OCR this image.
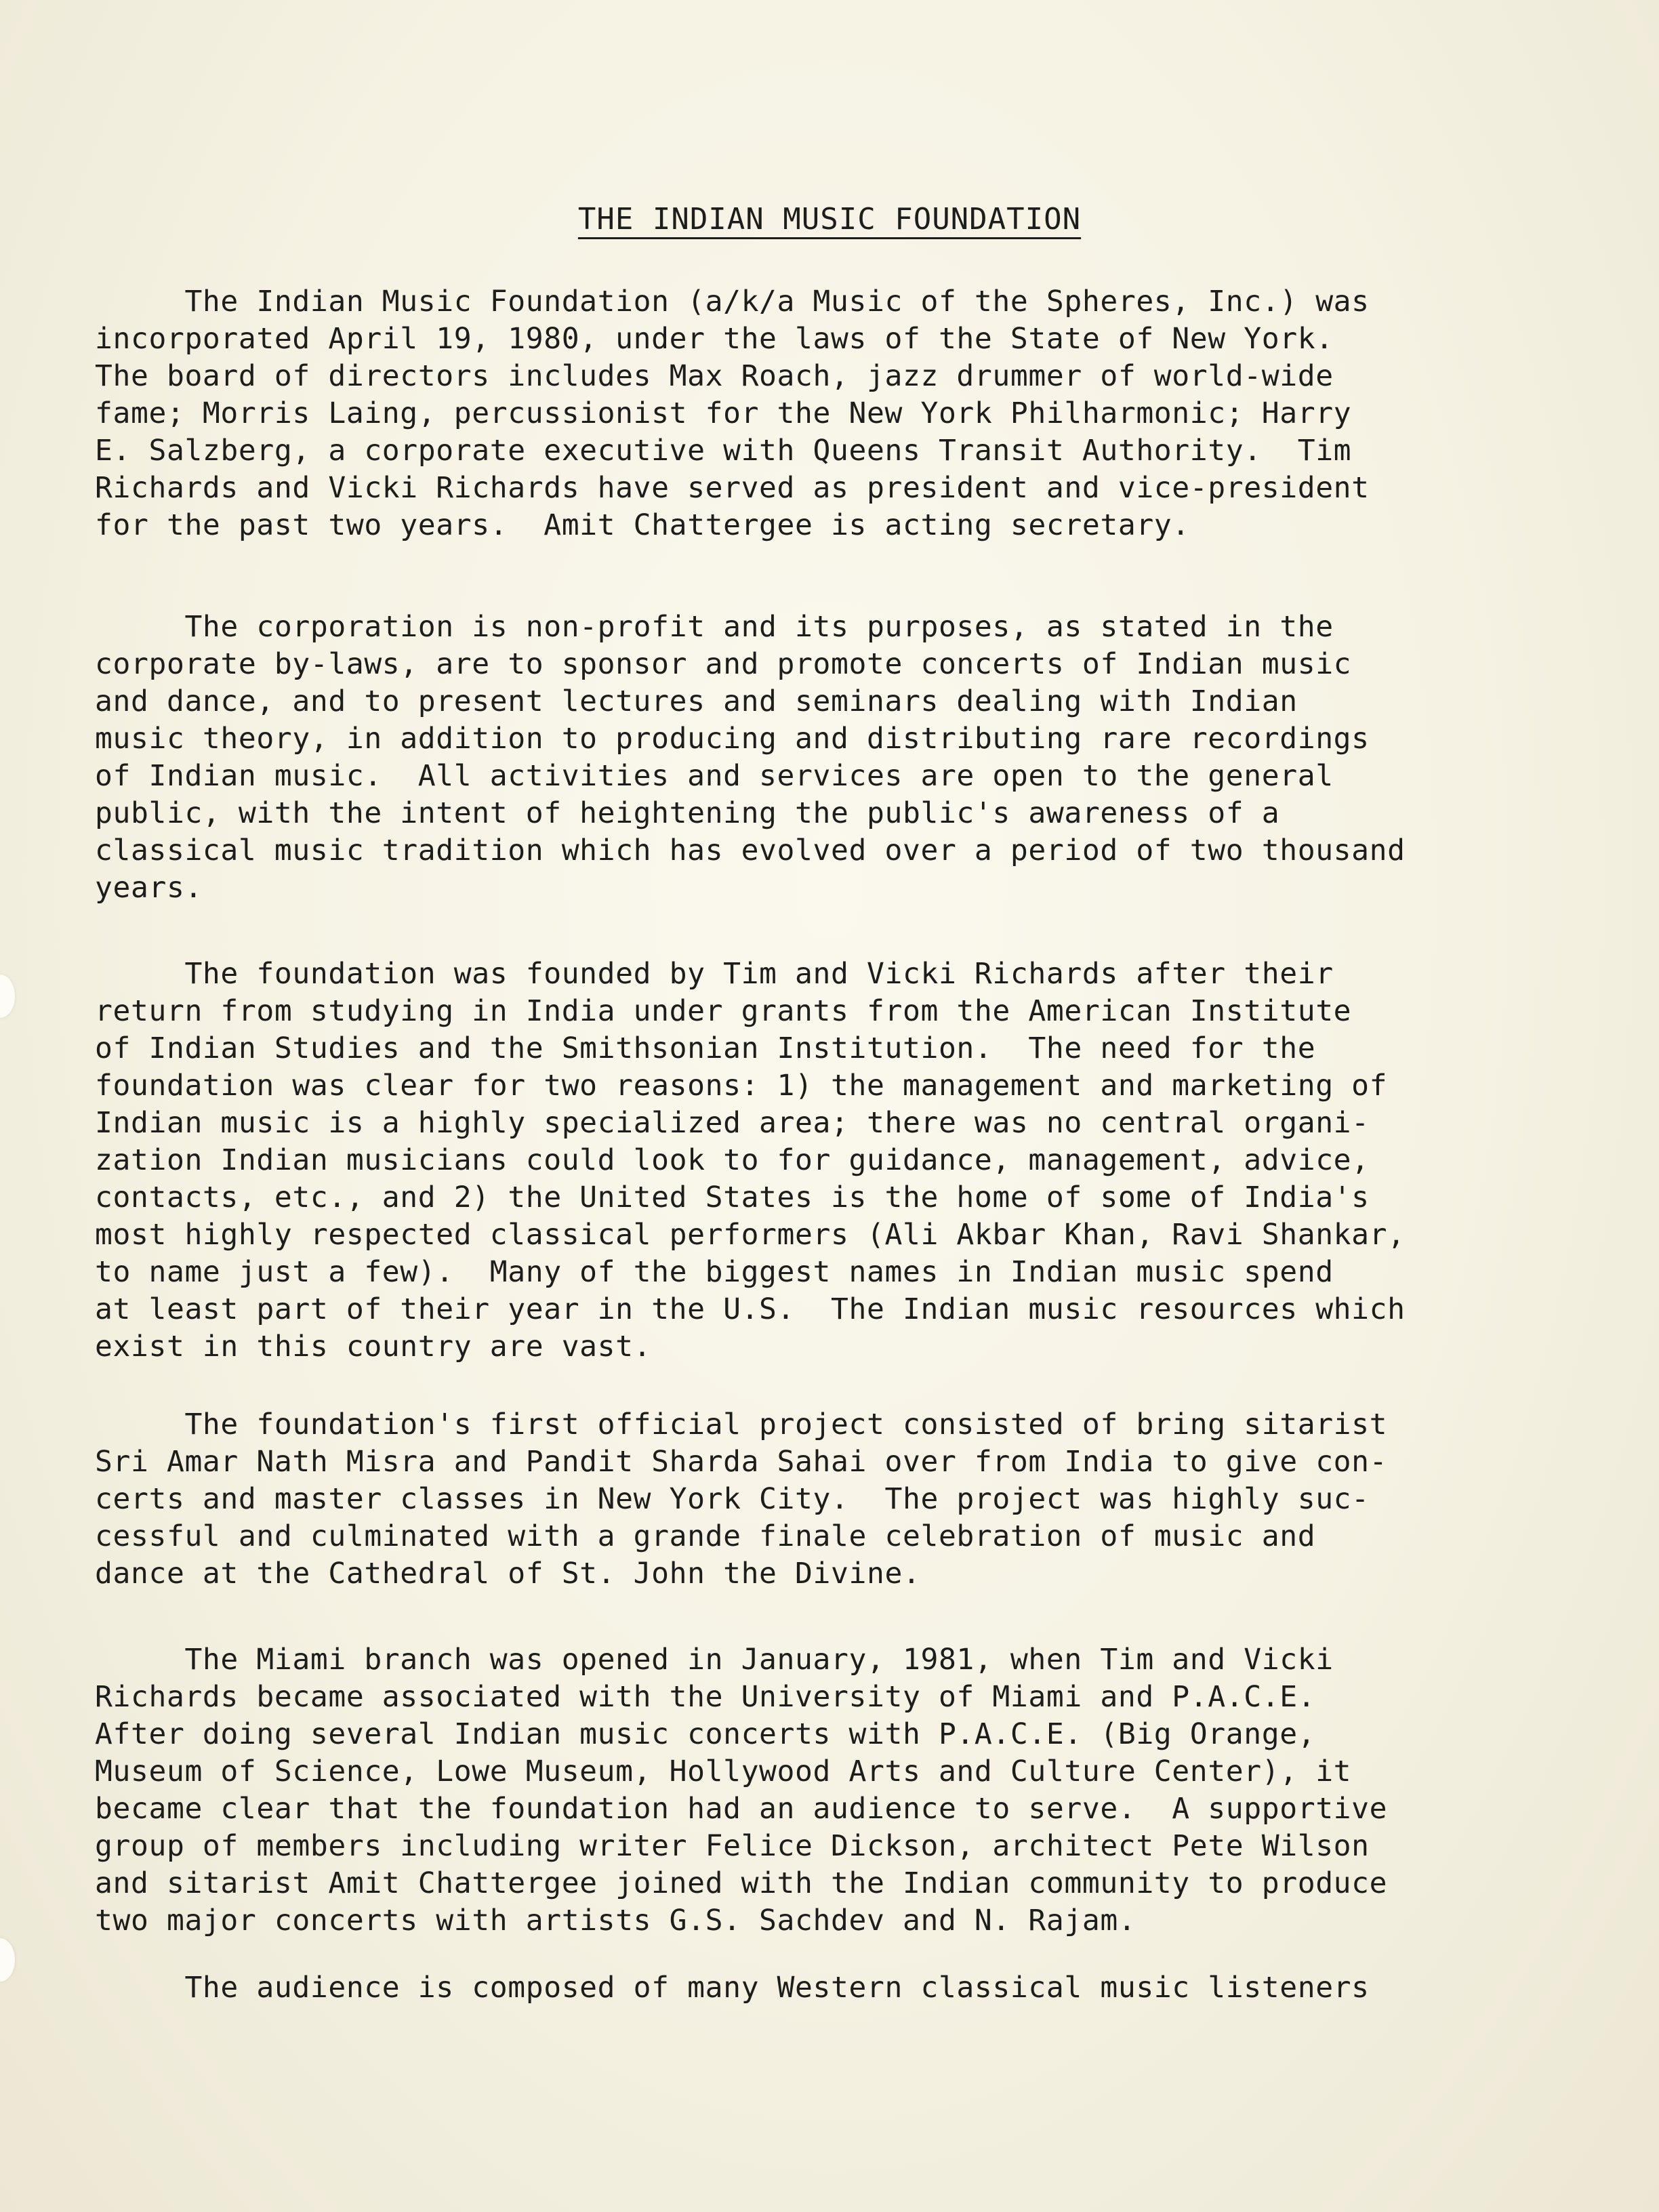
THE INDIAN MUSIC FOUNDATION
The Indian Music Foundation (a/k/a Music of the Spheres, Inc.) was
incorporated April 19, 1980, under the laws of the State of New York.
The board of directors includes Max Roach, jazz drummer of world-wide
fame; Morris Laing, percussionist for the New York Philharmonic; Harry
E. Salzberg, a corporate executive with Queens Transit Authority.  Tim
Richards and Vicki Richards have served as president and vice-president
for the past two years.  Amit Chattergee is acting secretary.
The corporation is non-profit and its purposes, as stated in the
corporate by-laws, are to sponsor and promote concerts of Indian music
and dance, and to present lectures and seminars dealing with Indian
music theory, in addition to producing and distributing rare recordings
of Indian music.  All activities and services are open to the general
public, with the intent of heightening the public's awareness of a
classical music tradition which has evolved over a period of two thousand
years.
The foundation was founded by Tim and Vicki Richards after their
return from studying in India under grants from the American Institute
of Indian Studies and the Smithsonian Institution.  The need for the
foundation was clear for two reasons: 1) the management and marketing of
Indian music is a highly specialized area; there was no central organi-
zation Indian musicians could look to for guidance, management, advice,
contacts, etc., and 2) the United States is the home of some of India's
most highly respected classical performers (Ali Akbar Khan, Ravi Shankar,
to name just a few).  Many of the biggest names in Indian music spend
at least part of their year in the U.S.  The Indian music resources which
exist in this country are vast.
The foundation's first official project consisted of bring sitarist
Sri Amar Nath Misra and Pandit Sharda Sahai over from India to give con-
certs and master classes in New York City.  The project was highly suc-
cessful and culminated with a grande finale celebration of music and
dance at the Cathedral of St. John the Divine.
The Miami branch was opened in January, 1981, when Tim and Vicki
Richards became associated with the University of Miami and P.A.C.E.
After doing several Indian music concerts with P.A.C.E. (Big Orange,
Museum of Science, Lowe Museum, Hollywood Arts and Culture Center), it
became clear that the foundation had an audience to serve.  A supportive
group of members including writer Felice Dickson, architect Pete Wilson
and sitarist Amit Chattergee joined with the Indian community to produce
two major concerts with artists G.S. Sachdev and N. Rajam.
The audience is composed of many Western classical music listeners
